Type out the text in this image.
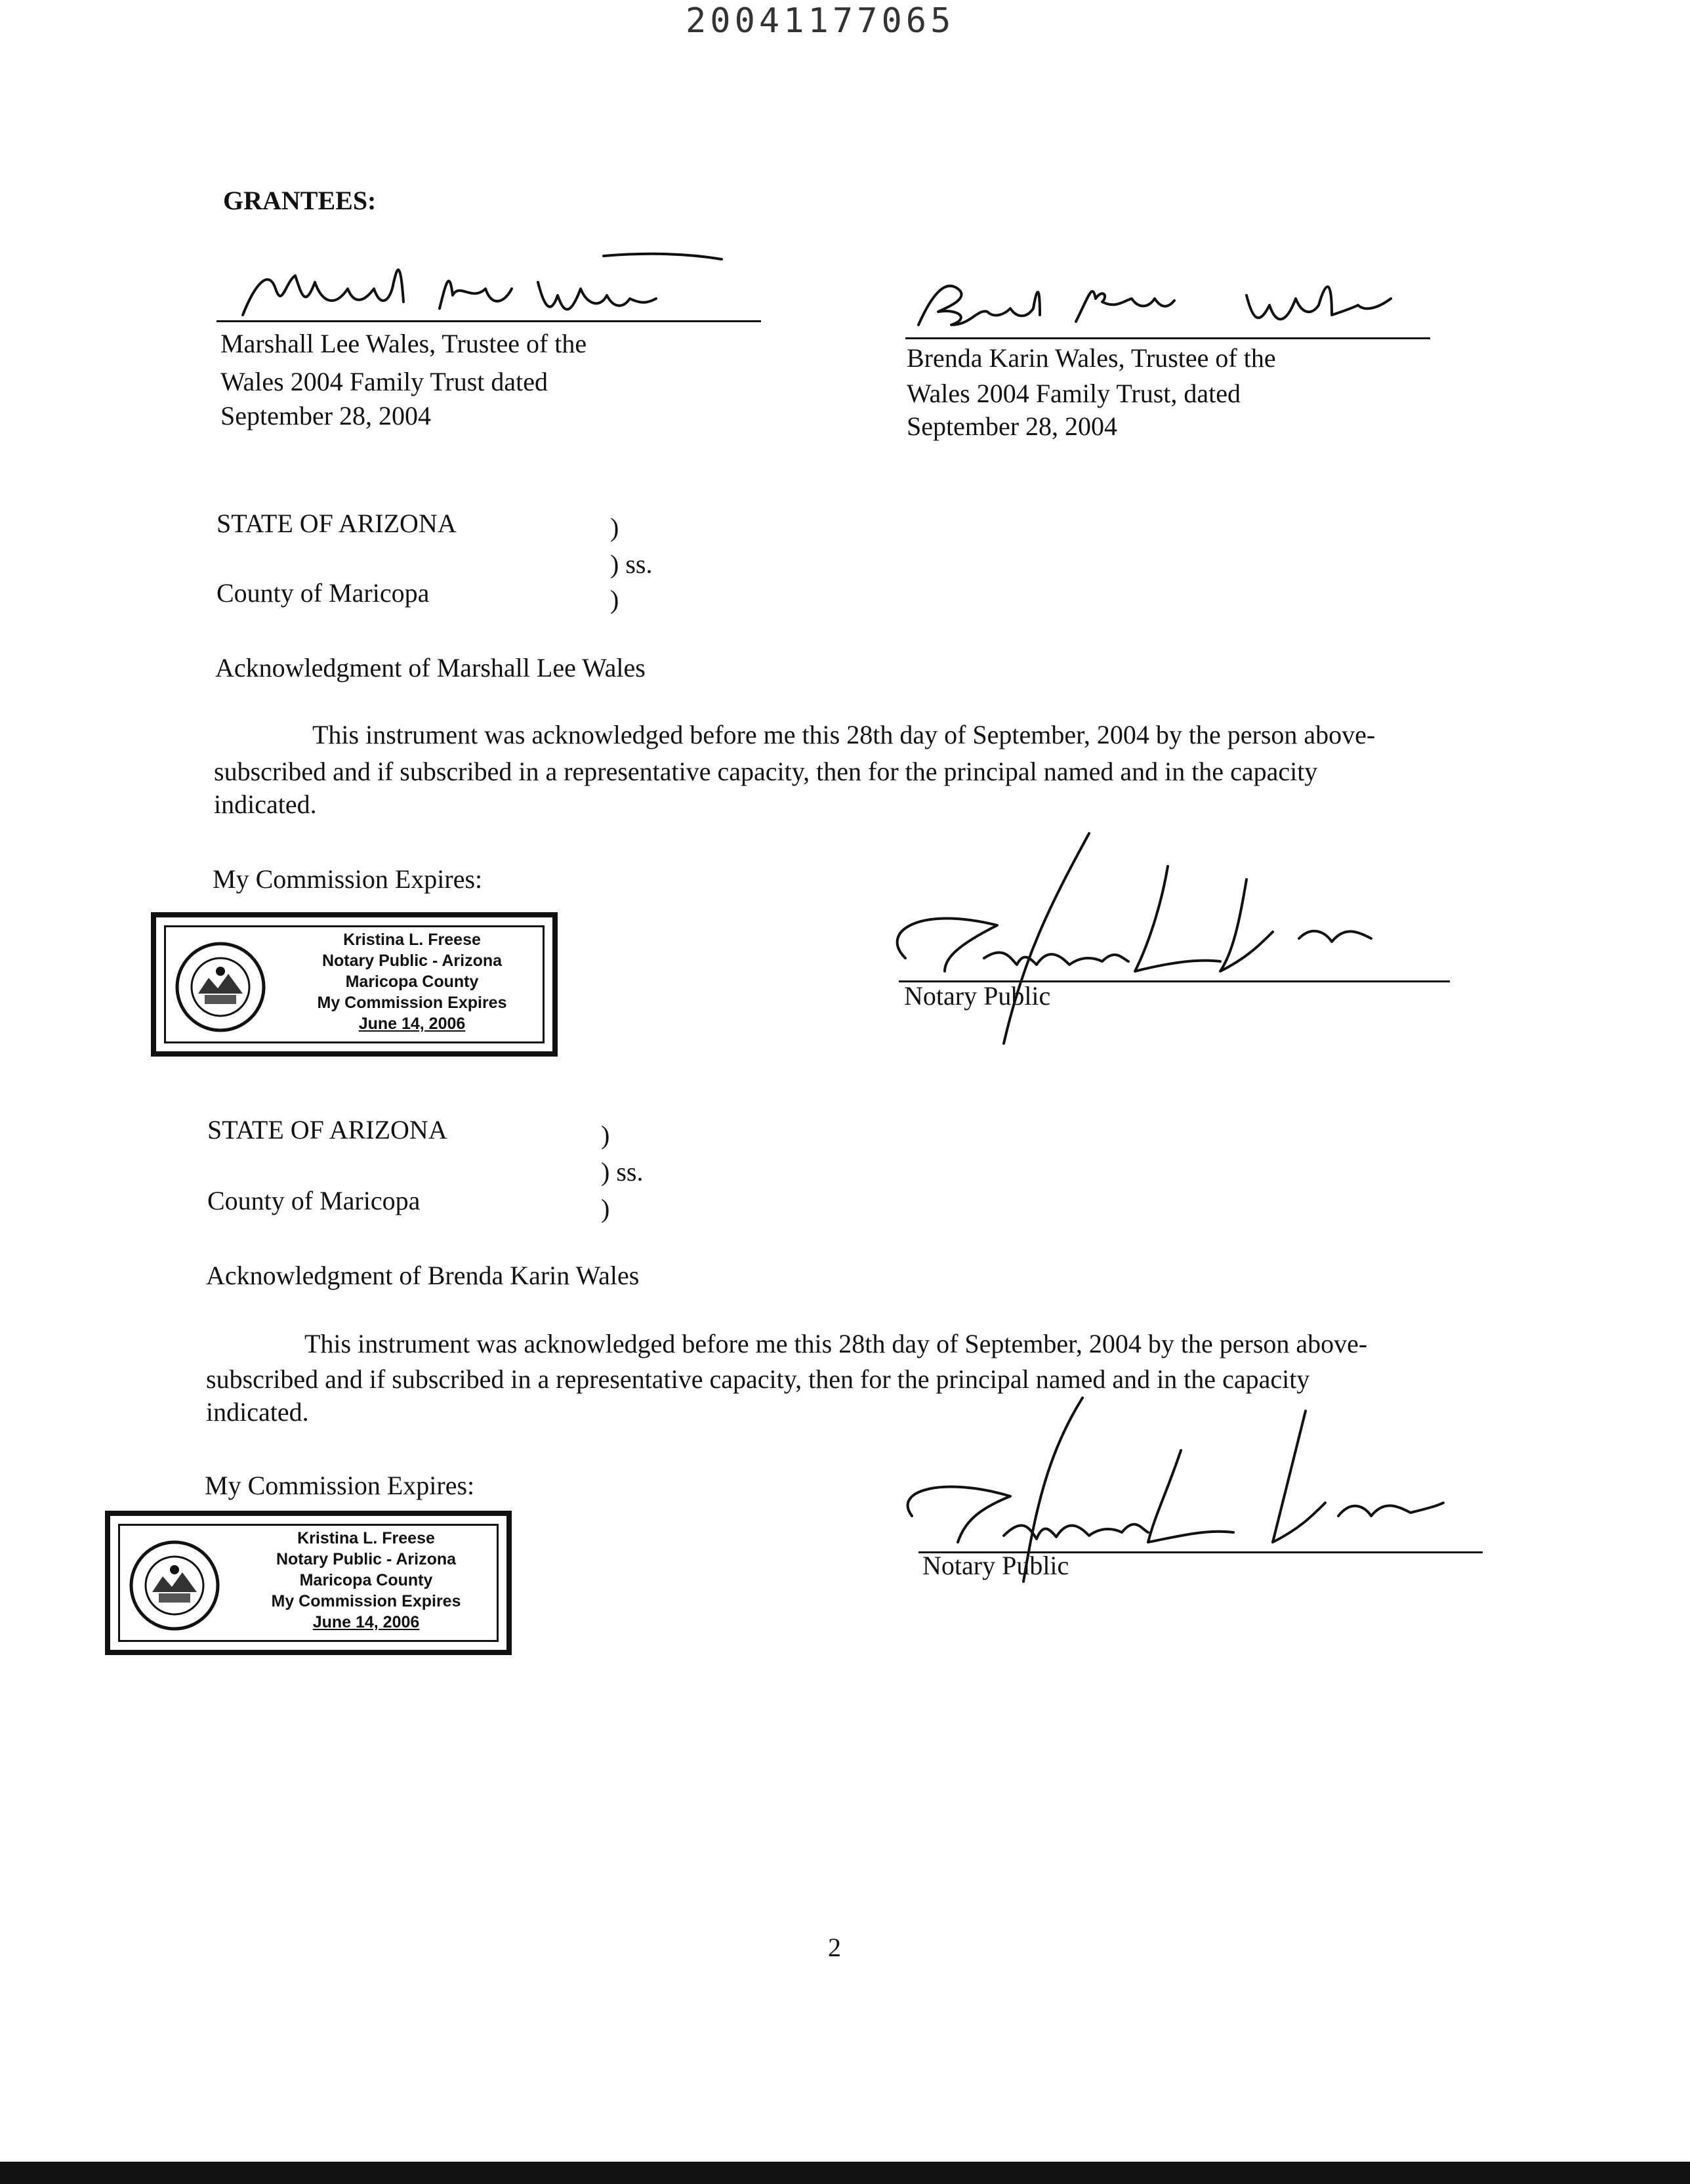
20041177065
GRANTEES:
Marshall Lee Wales, Trustee of the
Wales 2004 Family Trust dated
September 28, 2004
Brenda Karin Wales, Trustee of the
Wales 2004 Family Trust, dated
September 28, 2004
STATE OF ARIZONA	)
) ss.
County of Maricopa	)
Acknowledgment of Marshall Lee Wales
This instrument was acknowledged before me this 28th day of September, 2004 by the person above-
subscribed and if subscribed in a representative capacity, then for the principal named and in the capacity
indicated.
My Commission Expires:
Kristina L. Freese
Notary Public - Arizona
Maricopa County
My Commission Expires
June 14, 2006
Notary Public
STATE OF ARIZONA	)
) ss.
County of Maricopa	)
Acknowledgment of Brenda Karin Wales
This instrument was acknowledged before me this 28th day of September, 2004 by the person above-
subscribed and if subscribed in a representative capacity, then for the principal named and in the capacity
indicated.
My Commission Expires:
Kristina L. Freese
Notary Public - Arizona
Maricopa County
My Commission Expires
June 14, 2006
Notary Public
2
